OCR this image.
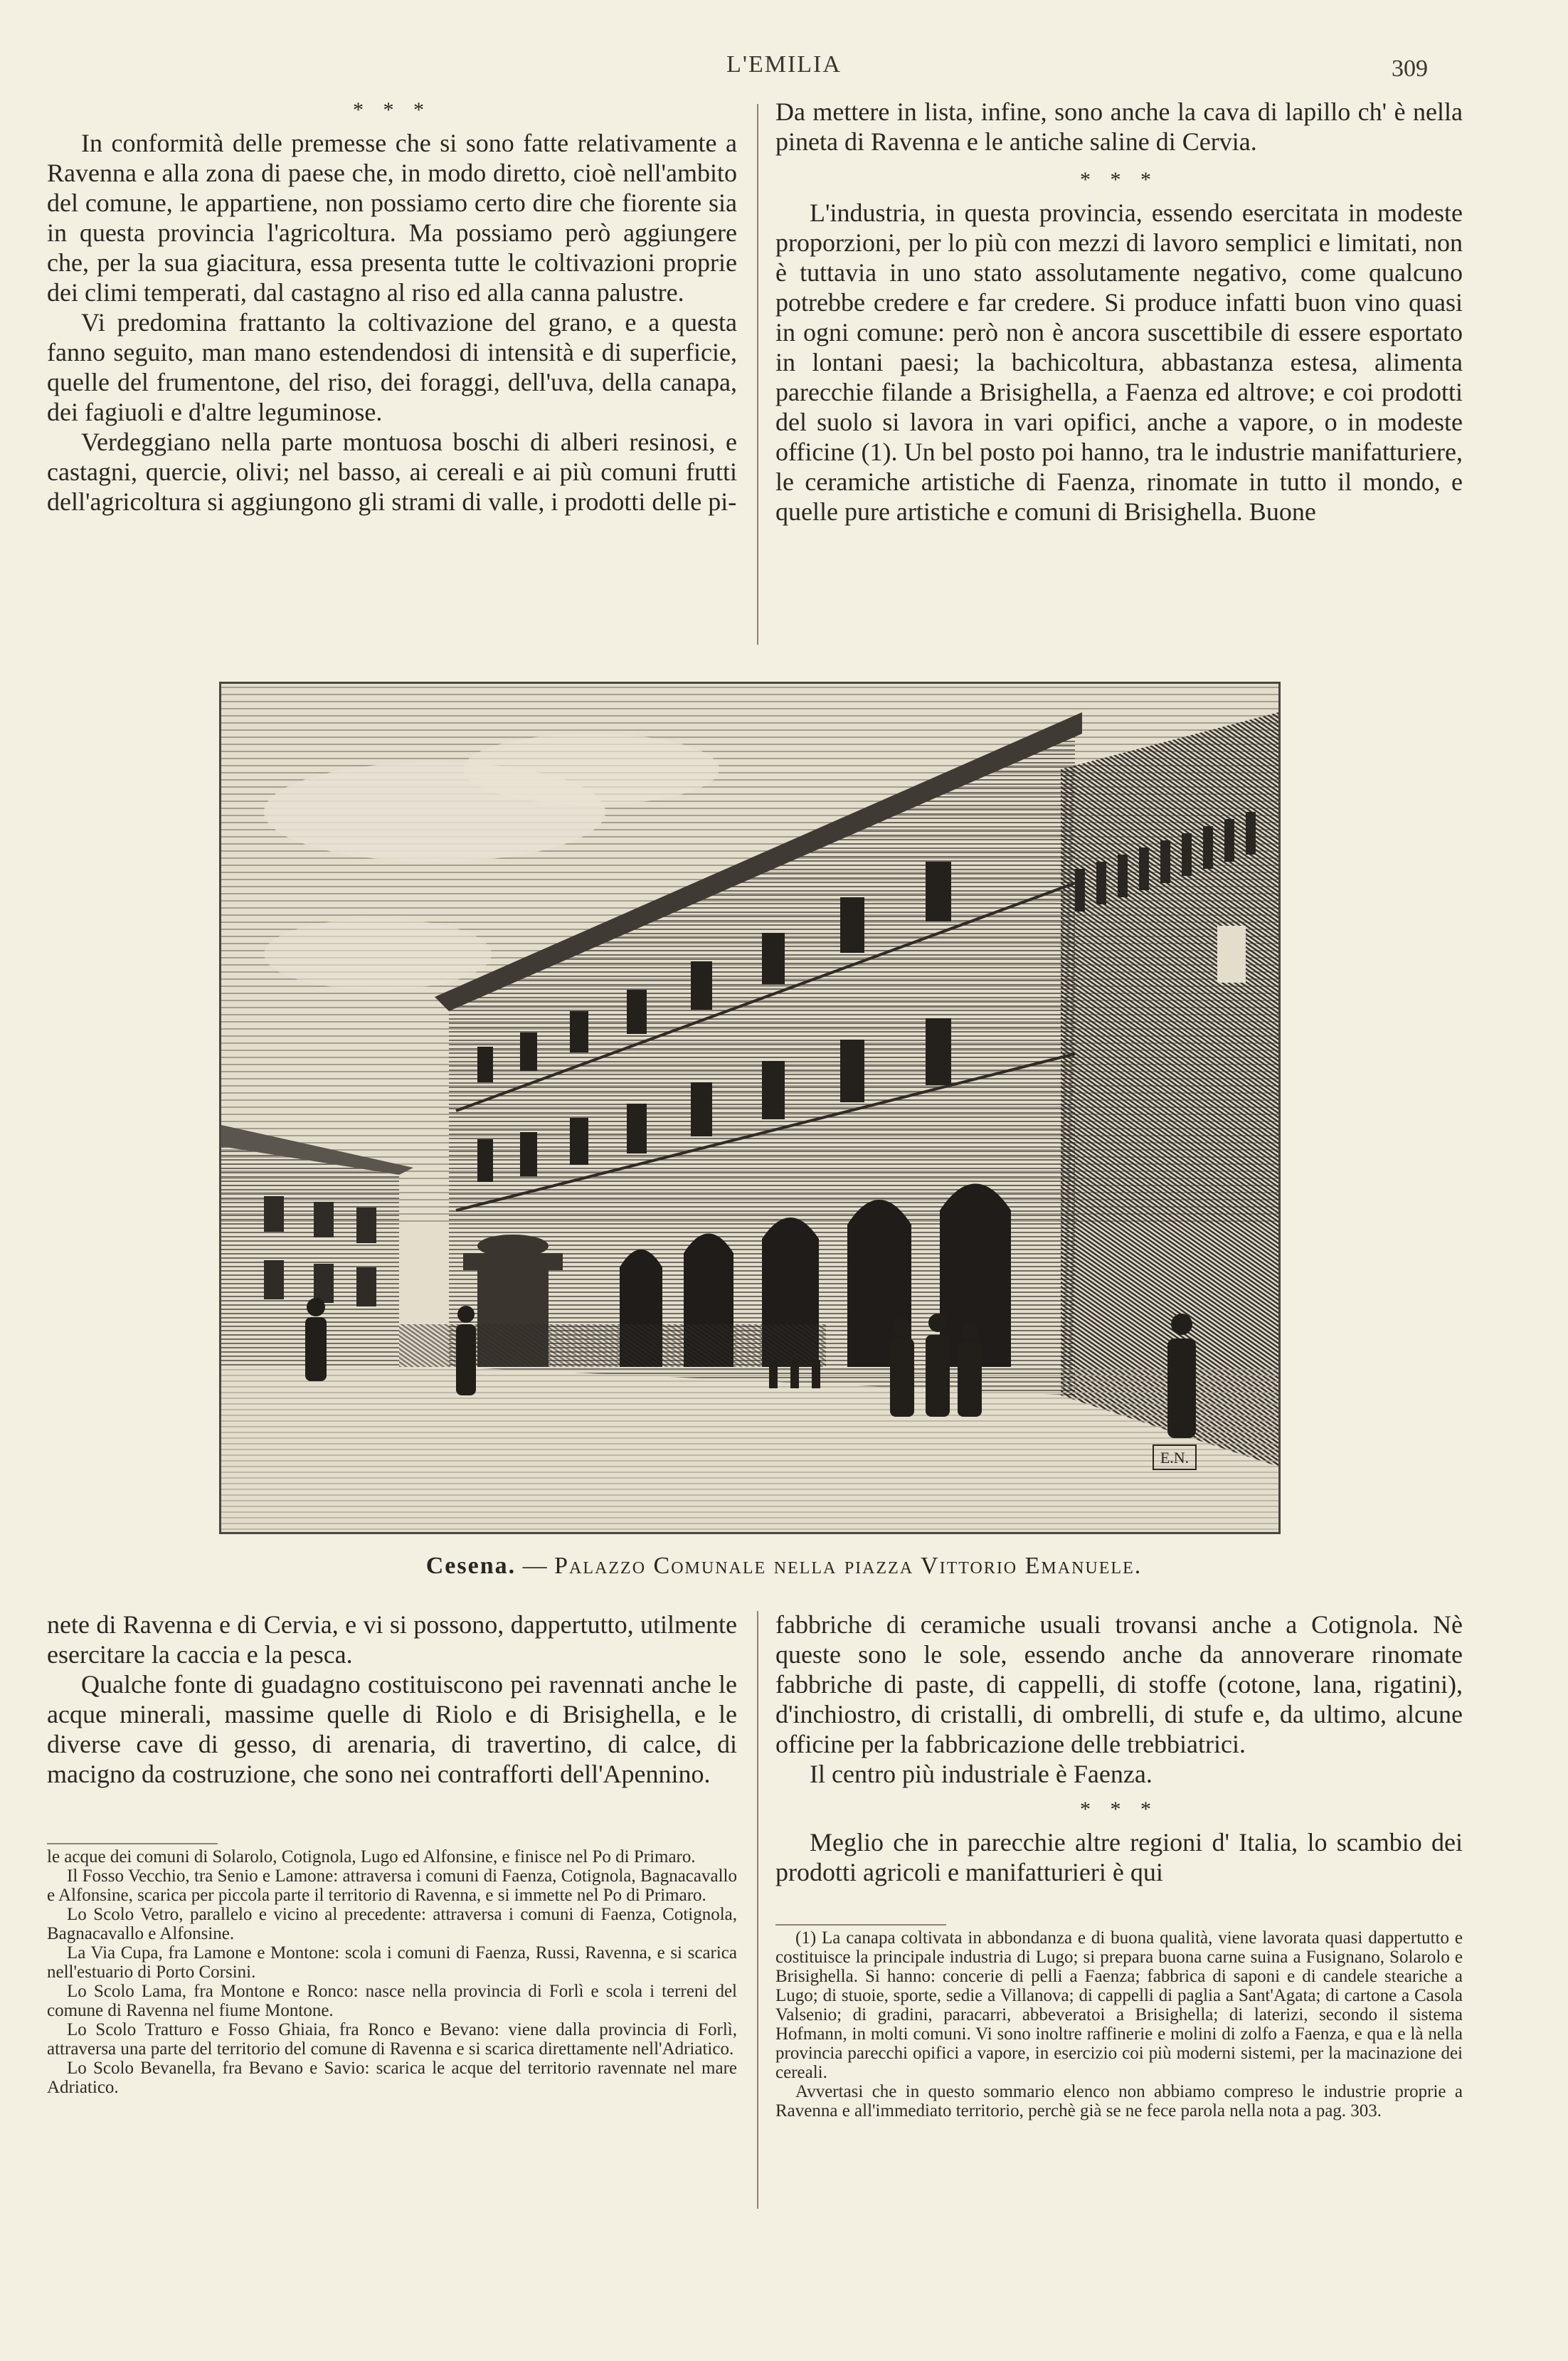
L'EMILIA	309
* * *

In conformità delle premesse che si sono fatte relativamente a Ravenna e alla zona di paese che, in modo diretto, cioè nell'ambito del comune, le appartiene, non possiamo certo dire che fiorente sia in questa provincia l'agricoltura. Ma possiamo però aggiungere che, per la sua giacitura, essa presenta tutte le coltivazioni proprie dei climi temperati, dal castagno al riso ed alla canna palustre.

Vi predomina frattanto la coltivazione del grano, e a questa fanno seguito, man mano estendendosi di intensità e di superficie, quelle del frumentone, del riso, dei foraggi, dell'uva, della canapa, dei fagiuoli e d'altre leguminose.

Verdeggiano nella parte montuosa boschi di alberi resinosi, e castagni, quercie, olivi; nel basso, ai cereali e ai più comuni frutti dell'agricoltura si aggiungono gli strami di valle, i prodotti delle pi-

Da mettere in lista, infine, sono anche la cava di lapillo ch' è nella pineta di Ravenna e le antiche saline di Cervia.

* * *

L'industria, in questa provincia, essendo esercitata in modeste proporzioni, per lo più con mezzi di lavoro semplici e limitati, non è tuttavia in uno stato assolutamente negativo, come qualcuno potrebbe credere e far credere. Si produce infatti buon vino quasi in ogni comune: però non è ancora suscettibile di essere esportato in lontani paesi; la bachicoltura, abbastanza estesa, alimenta parecchie filande a Brisighella, a Faenza ed altrove; e coi prodotti del suolo si lavora in vari opifici, anche a vapore, o in modeste officine (1). Un bel posto poi hanno, tra le industrie manifatturiere, le ceramiche artistiche di Faenza, rinomate in tutto il mondo, e quelle pure artistiche e comuni di Brisighella. Buone

E.N.
Cesena. — Palazzo Comunale nella piazza Vittorio Emanuele.

nete di Ravenna e di Cervia, e vi si possono, dappertutto, utilmente esercitare la caccia e la pesca.

Qualche fonte di guadagno costituiscono pei ravennati anche le acque minerali, massime quelle di Riolo e di Brisighella, e le diverse cave di gesso, di arenaria, di travertino, di calce, di macigno da costruzione, che sono nei contrafforti dell'Apennino.

fabbriche di ceramiche usuali trovansi anche a Cotignola. Nè queste sono le sole, essendo anche da annoverare rinomate fabbriche di paste, di cappelli, di stoffe (cotone, lana, rigatini), d'inchiostro, di cristalli, di ombrelli, di stufe e, da ultimo, alcune officine per la fabbricazione delle trebbiatrici.

Il centro più industriale è Faenza.

* * *

Meglio che in parecchie altre regioni d' Italia, lo scambio dei prodotti agricoli e manifatturieri è qui

le acque dei comuni di Solarolo, Cotignola, Lugo ed Alfonsine, e finisce nel Po di Primaro.

Il Fosso Vecchio, tra Senio e Lamone: attraversa i comuni di Faenza, Cotignola, Bagnacavallo e Alfonsine, scarica per piccola parte il territorio di Ravenna, e si immette nel Po di Primaro.

Lo Scolo Vetro, parallelo e vicino al precedente: attraversa i comuni di Faenza, Cotignola, Bagnacavallo e Alfonsine.

La Via Cupa, fra Lamone e Montone: scola i comuni di Faenza, Russi, Ravenna, e si scarica nell'estuario di Porto Corsini.

Lo Scolo Lama, fra Montone e Ronco: nasce nella provincia di Forlì e scola i terreni del comune di Ravenna nel fiume Montone.

Lo Scolo Tratturo e Fosso Ghiaia, fra Ronco e Bevano: viene dalla provincia di Forlì, attraversa una parte del territorio del comune di Ravenna e si scarica direttamente nell'Adriatico.

Lo Scolo Bevanella, fra Bevano e Savio: scarica le acque del territorio ravennate nel mare Adriatico.

(1) La canapa coltivata in abbondanza e di buona qualità, viene lavorata quasi dappertutto e costituisce la principale industria di Lugo; si prepara buona carne suina a Fusignano, Solarolo e Brisighella. Si hanno: concerie di pelli a Faenza; fabbrica di saponi e di candele steariche a Lugo; di stuoie, sporte, sedie a Villanova; di cappelli di paglia a Sant'Agata; di cartone a Casola Valsenio; di gradini, paracarri, abbeveratoi a Brisighella; di laterizi, secondo il sistema Hofmann, in molti comuni. Vi sono inoltre raffinerie e molini di zolfo a Faenza, e qua e là nella provincia parecchi opifici a vapore, in esercizio coi più moderni sistemi, per la macinazione dei cereali.

Avvertasi che in questo sommario elenco non abbiamo compreso le industrie proprie a Ravenna e all'immediato territorio, perchè già se ne fece parola nella nota a pag. 303.
